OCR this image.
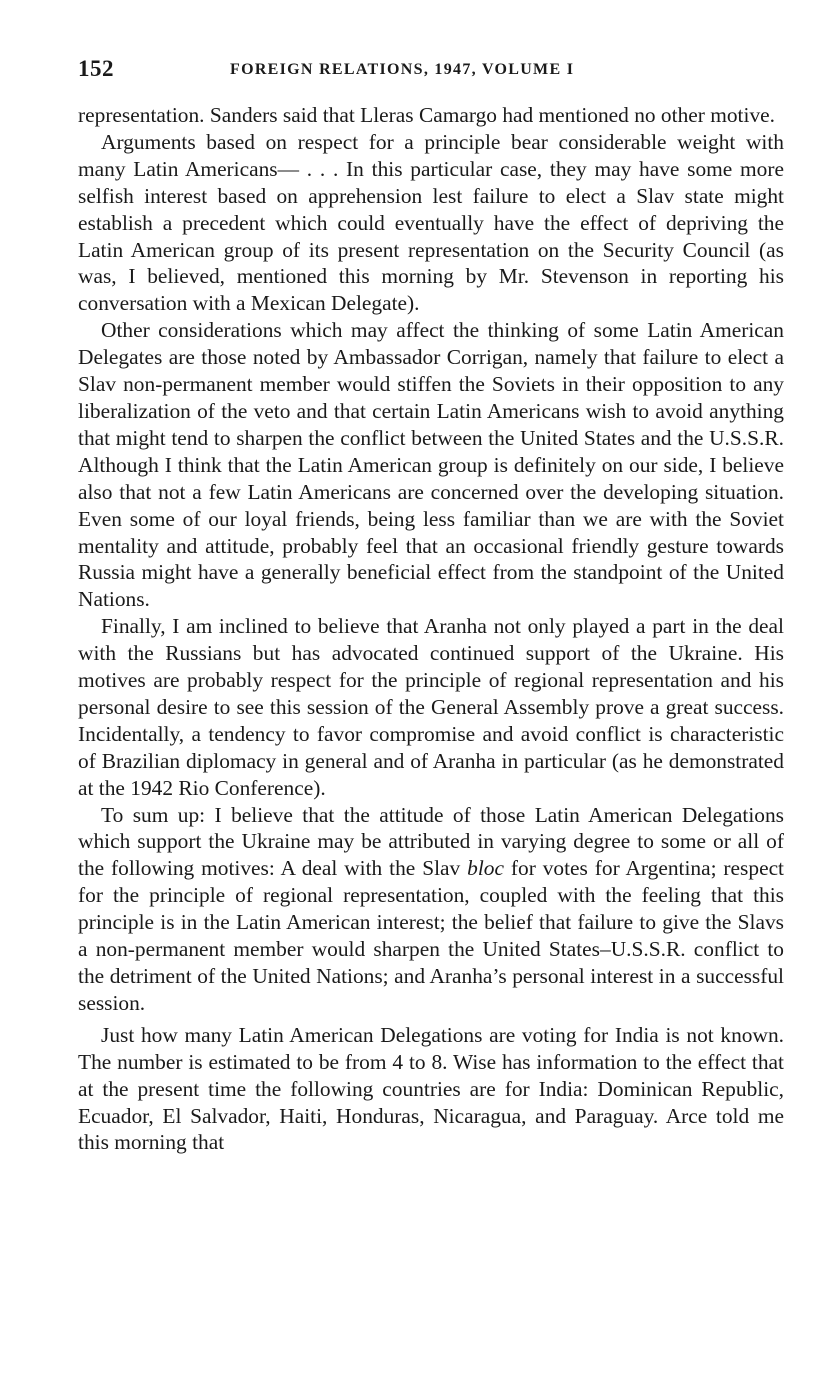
152	FOREIGN RELATIONS, 1947, VOLUME I

representation. Sanders said that Lleras Camargo had mentioned no other motive.

Arguments based on respect for a principle bear considerable weight with many Latin Americans— . . . In this particular case, they may have some more selfish interest based on apprehension lest failure to elect a Slav state might establish a precedent which could eventually have the effect of depriving the Latin American group of its present representation on the Security Council (as was, I believed, mentioned this morning by Mr. Stevenson in reporting his conversation with a Mexican Delegate).

Other considerations which may affect the thinking of some Latin American Delegates are those noted by Ambassador Corrigan, namely that failure to elect a Slav non-permanent member would stiffen the Soviets in their opposition to any liberalization of the veto and that certain Latin Americans wish to avoid anything that might tend to sharpen the conflict between the United States and the U.S.S.R. Although I think that the Latin American group is definitely on our side, I believe also that not a few Latin Americans are concerned over the developing situation. Even some of our loyal friends, being less familiar than we are with the Soviet mentality and attitude, probably feel that an occasional friendly gesture towards Russia might have a generally beneficial effect from the standpoint of the United Nations.

Finally, I am inclined to believe that Aranha not only played a part in the deal with the Russians but has advocated continued support of the Ukraine. His motives are probably respect for the principle of regional representation and his personal desire to see this session of the General Assembly prove a great success. Incidentally, a tendency to favor compromise and avoid conflict is characteristic of Brazilian diplomacy in general and of Aranha in particular (as he demonstrated at the 1942 Rio Conference).

To sum up: I believe that the attitude of those Latin American Delegations which support the Ukraine may be attributed in varying degree to some or all of the following motives: A deal with the Slav bloc for votes for Argentina; respect for the principle of regional representation, coupled with the feeling that this principle is in the Latin American interest; the belief that failure to give the Slavs a non-permanent member would sharpen the United States–U.S.S.R. conflict to the detriment of the United Nations; and Aranha’s personal interest in a successful session.

Just how many Latin American Delegations are voting for India is not known. The number is estimated to be from 4 to 8. Wise has information to the effect that at the present time the following countries are for India: Dominican Republic, Ecuador, El Salvador, Haiti, Honduras, Nicaragua, and Paraguay. Arce told me this morning that
